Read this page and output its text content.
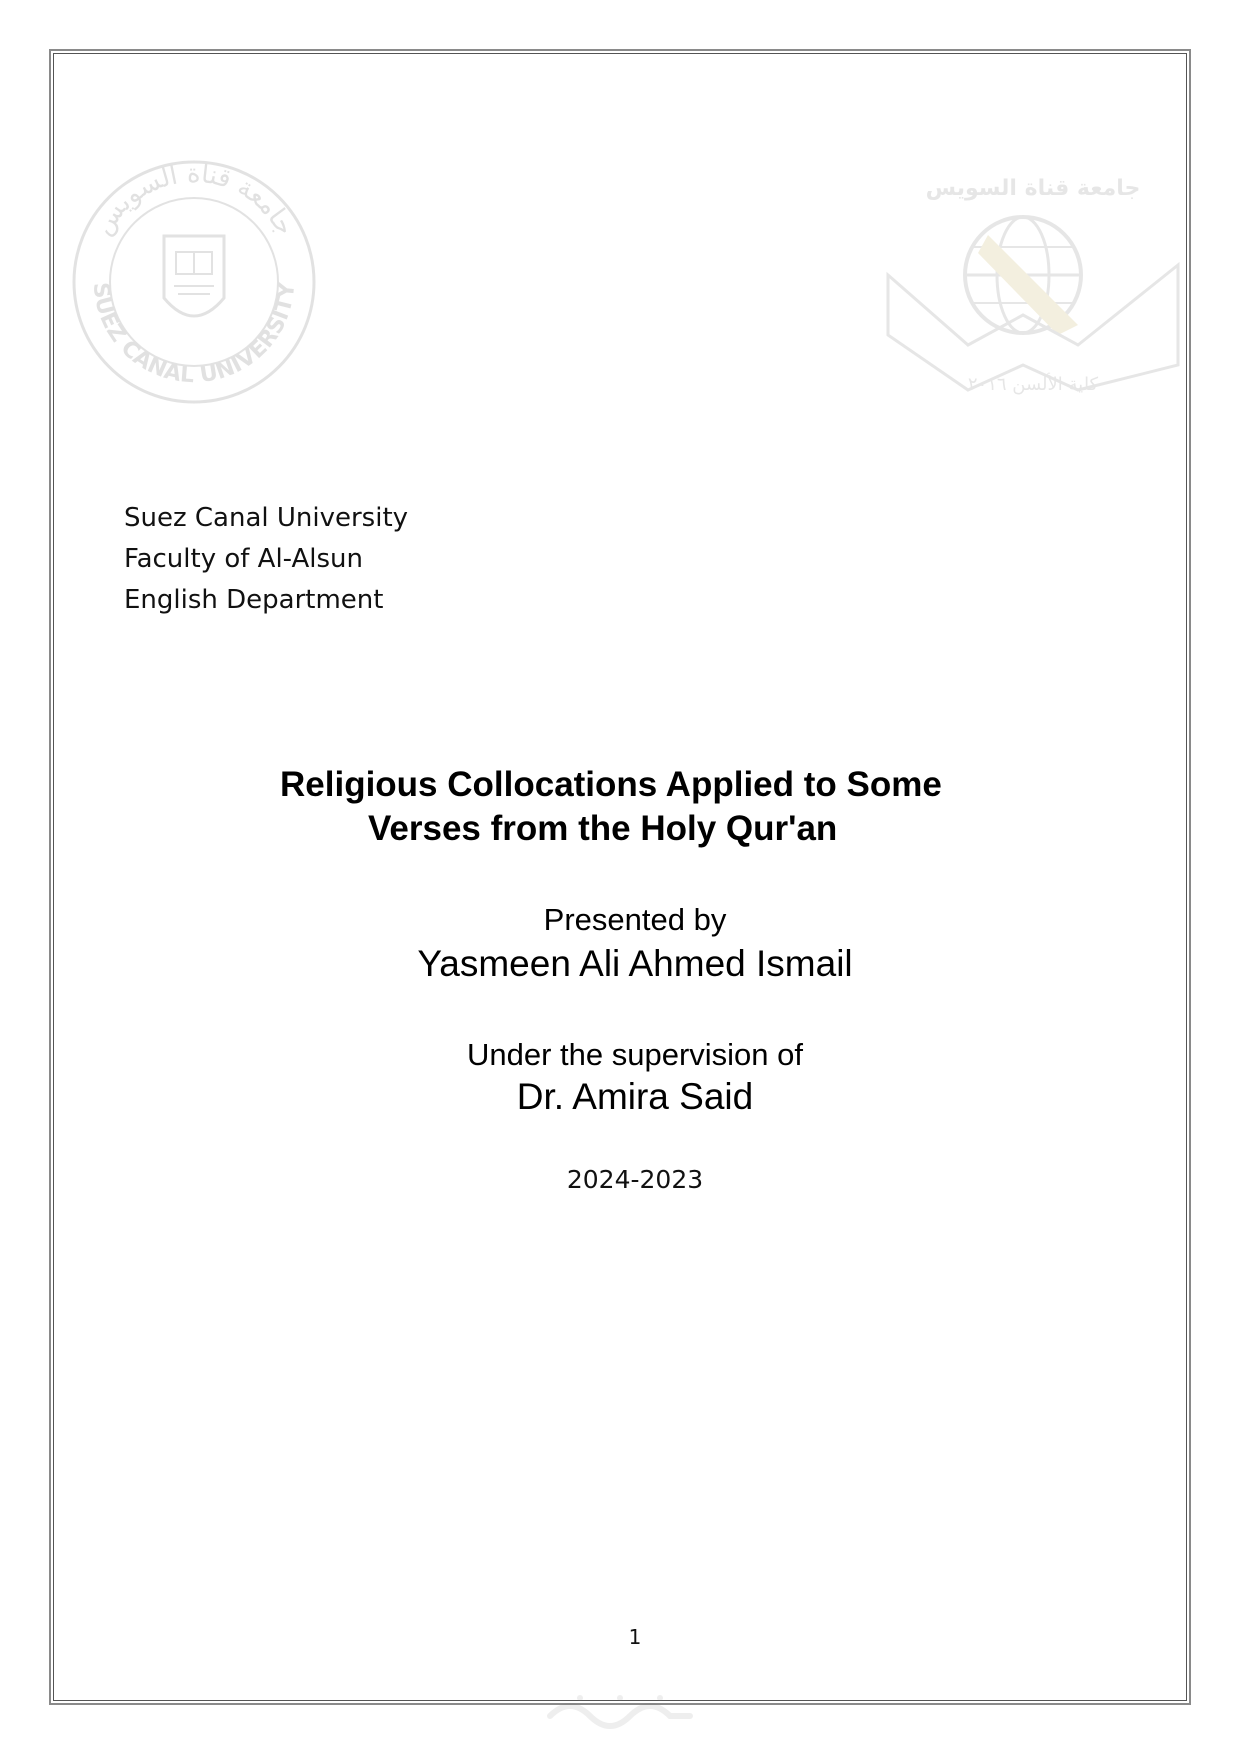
SUEZ CANAL UNIVERSITY
جامعة قناة السويس
جامعة قناة السويس
كلية الألسن ٢٠١٦
Suez Canal University
Faculty of Al-Alsun
English Department
Religious Collocations Applied to Some
Verses from the Holy Qur'an
Presented by
Yasmeen Ali Ahmed Ismail
Under the supervision of
Dr. Amira Said
2024-2023
1
